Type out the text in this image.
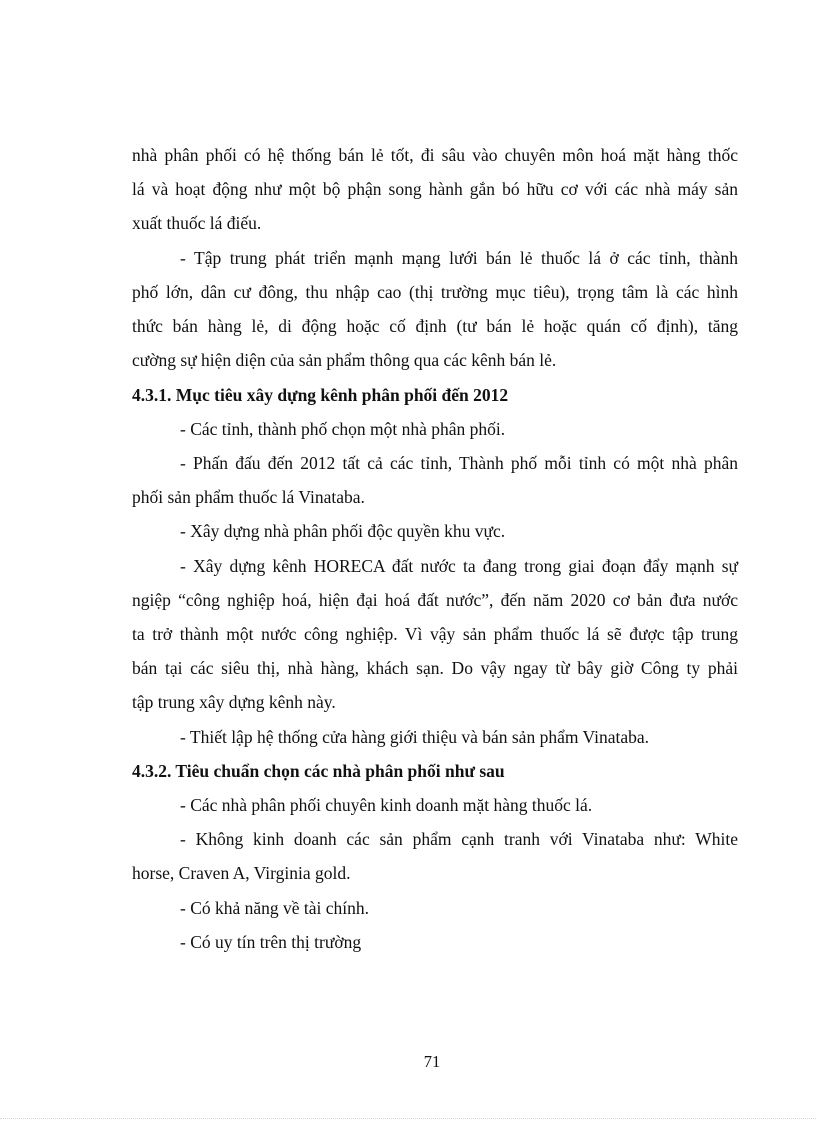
nhà phân phối có hệ thống bán lẻ tốt, đi sâu vào chuyên môn hoá mặt hàng thốc
lá và hoạt động như một bộ phận song hành gắn bó hữu cơ với các nhà máy sản
xuất thuốc lá điếu.
- Tập trung phát triển mạnh mạng lưới bán lẻ thuốc lá ở các tỉnh, thành
phố lớn, dân cư đông, thu nhập cao (thị trường mục tiêu), trọng tâm là các hình
thức bán hàng lẻ, di động hoặc cố định (tư bán lẻ hoặc quán cố định), tăng
cường sự hiện diện của sản phẩm thông qua các kênh bán lẻ.
4.3.1. Mục tiêu xây dựng kênh phân phối đến 2012
- Các tỉnh, thành phố chọn một nhà phân phối.
- Phấn đấu đến 2012 tất cả các tỉnh, Thành phố mỗi tỉnh có một nhà phân
phối sản phẩm thuốc lá Vinataba.
- Xây dựng nhà phân phối độc quyền khu vực.
- Xây dựng kênh HORECA đất nước ta đang trong giai đoạn đẩy mạnh sự
ngiệp “công nghiệp hoá, hiện đại hoá đất nước”, đến năm 2020 cơ bản đưa nước
ta trở thành một nước công nghiệp. Vì vậy sản phẩm thuốc lá sẽ được tập trung
bán tại các siêu thị, nhà hàng, khách sạn. Do vậy ngay từ bây giờ Công ty phải
tập trung xây dựng kênh này.
- Thiết lập hệ thống cửa hàng giới thiệu và bán sản phẩm Vinataba.
4.3.2. Tiêu chuẩn chọn các nhà phân phối như sau
- Các nhà phân phối chuyên kinh doanh mặt hàng thuốc lá.
- Không kinh doanh các sản phẩm cạnh tranh với Vinataba như: White
horse, Craven A, Virginia gold.
- Có khả năng về tài chính.
- Có uy tín trên thị trường
71
